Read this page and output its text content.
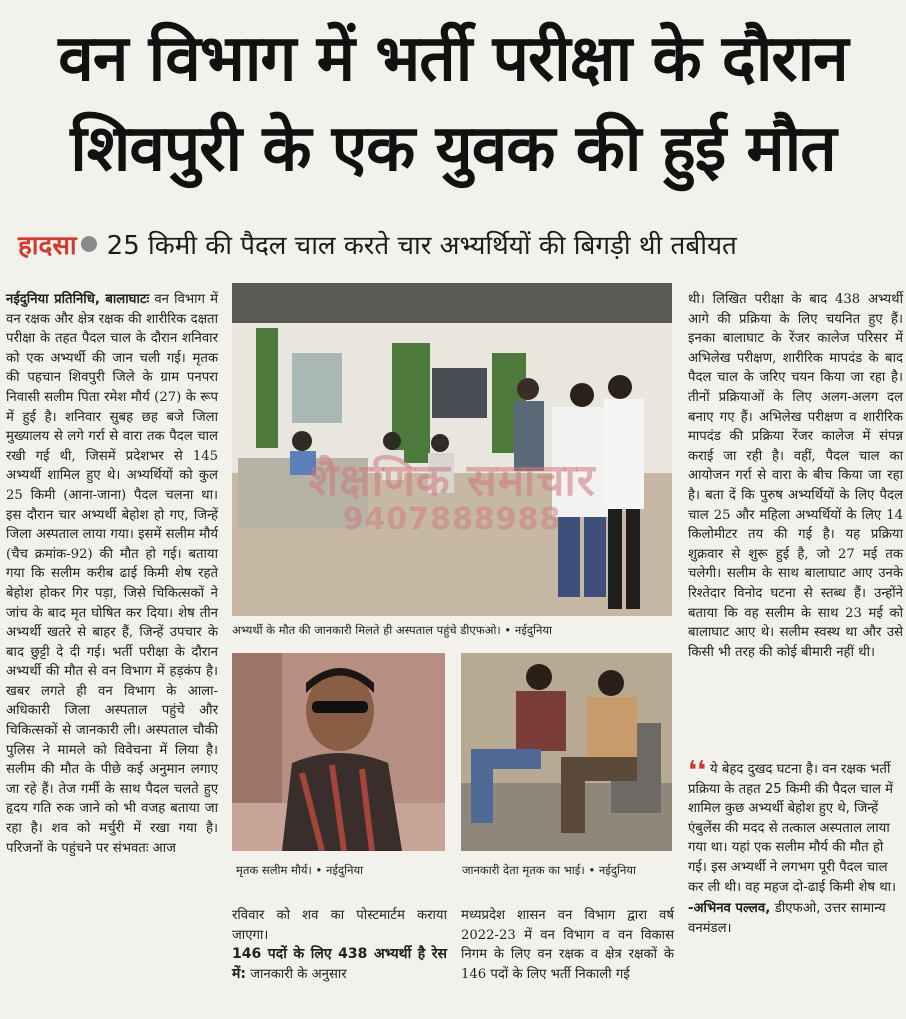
वन विभाग में भर्ती परीक्षा के दौरान
शिवपुरी के एक युवक की हुई मौत
हादसा 25 किमी की पैदल चाल करते चार अभ्यर्थियों की बिगड़ी थी तबीयत

नईदुनिया प्रतिनिधि, बालाघाटः वन विभाग में वन रक्षक और क्षेत्र रक्षक की शारीरिक दक्षता परीक्षा के तहत पैदल चाल के दौरान शनिवार को एक अभ्यर्थी की जान चली गई। मृतक की पहचान शिवपुरी जिले के ग्राम पनपरा निवासी सलीम पिता रमेश मौर्य (27) के रूप में हुई है। शनिवार सुबह छह बजे जिला मुख्यालय से लगे गर्रा से वारा तक पैदल चाल रखी गई थी, जिसमें प्रदेशभर से 145 अभ्यर्थी शामिल हुए थे। अभ्यर्थियों को कुल 25 किमी (आना-जाना) पैदल चलना था। इस दौरान चार अभ्यर्थी बेहोश हो गए, जिन्हें जिला अस्पताल लाया गया। इसमें सलीम मौर्य (चैच क्रमांक-92) की मौत हो गई। बताया गया कि सलीम करीब ढाई किमी शेष रहते बेहोश होकर गिर पड़ा, जिसे चिकित्सकों ने जांच के बाद मृत घोषित कर दिया। शेष तीन अभ्यर्थी खतरे से बाहर हैं, जिन्हें उपचार के बाद छुट्टी दे दी गई। भर्ती परीक्षा के दौरान अभ्यर्थी की मौत से वन विभाग में हड़कंप है। खबर लगते ही वन विभाग के आला-अधिकारी जिला अस्पताल पहुंचे और चिकित्सकों से जानकारी ली। अस्पताल चौकी पुलिस ने मामले को विवेचना में लिया है। सलीम की मौत के पीछे कई अनुमान लगाए जा रहे हैं। तेज गर्मी के साथ पैदल चलते हुए हृदय गति रुक जाने को भी वजह बताया जा रहा है। शव को मर्चुरी में रखा गया है। परिजनों के पहुंचने पर संभवतः आज

शैक्षणिक समाचार
9407888988
अभ्यर्थी के मौत की जानकारी मिलते ही अस्पताल पहुंचे डीएफओ। • नईदुनिया
मृतक सलीम मौर्य। • नईदुनिया	जानकारी देता मृतक का भाई। • नईदुनिया

रविवार को शव का पोस्टमार्टम कराया जाएगा।

146 पदों के लिए 438 अभ्यर्थी है रेस में: जानकारी के अनुसार

मध्यप्रदेश शासन वन विभाग द्वारा वर्ष 2022-23 में वन विभाग व वन विकास निगम के लिए वन रक्षक व क्षेत्र रक्षकों के 146 पदों के लिए भर्ती निकाली गई

थी। लिखित परीक्षा के बाद 438 अभ्यर्थी आगे की प्रक्रिया के लिए चयनित हुए हैं। इनका बालाघाट के रेंजर कालेज परिसर में अभिलेख परीक्षण, शारीरिक मापदंड के बाद पैदल चाल के जरिए चयन किया जा रहा है। तीनों प्रक्रियाओं के लिए अलग-अलग दल बनाए गए हैं। अभिलेख परीक्षण व शारीरिक मापदंड की प्रक्रिया रेंजर कालेज में संपन्न कराई जा रही है। वहीं, पैदल चाल का आयोजन गर्रा से वारा के बीच किया जा रहा है। बता दें कि पुरुष अभ्यर्थियों के लिए पैदल चाल 25 और महिला अभ्यर्थियों के लिए 14 किलोमीटर तय की गई है। यह प्रक्रिया शुक्रवार से शुरू हुई है, जो 27 मई तक चलेगी। सलीम के साथ बालाघाट आए उनके रिश्तेदार विनोद घटना से स्तब्ध हैं। उन्होंने बताया कि वह सलीम के साथ 23 मई को बालाघाट आए थे। सलीम स्वस्थ था और उसे किसी भी तरह की कोई बीमारी नहीं थी।

❛❛ ये बेहद दुखद घटना है। वन रक्षक भर्ती प्रक्रिया के तहत 25 किमी की पैदल चाल में शामिल कुछ अभ्यर्थी बेहोश हुए थे, जिन्हें एंबुलेंस की मदद से तत्काल अस्पताल लाया गया था। यहां एक सलीम मौर्य की मौत हो गई। इस अभ्यर्थी ने लगभग पूरी पैदल चाल कर ली थी। वह महज दो-ढाई किमी शेष था।
-अभिनव पल्लव, डीएफओ, उत्तर सामान्य वनमंडल।
